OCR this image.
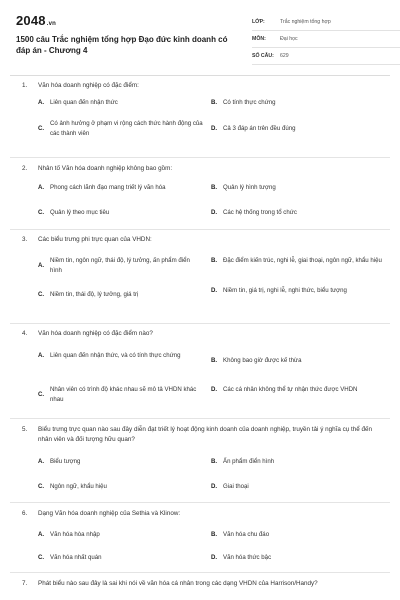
2048.vn
1500 câu Trắc nghiệm tổng hợp Đạo đức kinh doanh có đáp án - Chương 4
LỚP:	Trắc nghiệm tổng hợp
MÔN:	Đại học
SỐ CÂU:	629
1.	Văn hóa doanh nghiệp có đặc điểm:
A. Liên quan đến nhận thức	B. Có tính thực chứng
C.
Có ảnh hưởng ở phạm vi rộng cách thức hành động của các thành viên
D. Cả 3 đáp án trên đều đúng
2.	Nhân tố Văn hóa doanh nghiệp không bao gồm:
A. Phong cách lãnh đạo mang triết lý văn hóa	B. Quản lý hình tượng
C. Quản lý theo mục tiêu	D. Các hệ thống trong tổ chức
3.	Các biểu trưng phi trực quan của VHDN:
A.
Niềm tin, ngôn ngữ, thái độ, lý tưởng, ấn phẩm điển hình
B. Đặc điểm kiến trúc, nghi lễ, giai thoại, ngôn ngữ, khẩu hiệu
C. Niềm tin, thái độ, lý tưởng, giá trị
D. Niềm tin, giá trị, nghi lễ, nghi thức, biểu tượng
4.	Văn hóa doanh nghiệp có đặc điểm nào?
A. Liên quan đến nhận thức, và có tính thực chứng
B. Không bao giờ được kế thừa
C.
Nhân viên có trình độ khác nhau sẽ mô tả VHDN khác nhau
D. Các cá nhân không thể tự nhận thức được VHDN
5.	Biểu trưng trực quan nào sau đây diễn đạt triết lý hoạt động kinh doanh của doanh nghiệp, truyền tải ý nghĩa cụ thể đến nhân viên và đối tượng hữu quan?
A. Biểu tượng	B. Ấn phẩm điển hình
C. Ngôn ngữ, khẩu hiệu	D. Giai thoại
6.	Dạng Văn hóa doanh nghiệp của Sethia và Klinow:
A. Văn hóa hòa nhập	B. Văn hóa chu đáo
C. Văn hóa nhất quán	D. Văn hóa thức bậc
7.	Phát biểu nào sau đây là sai khi nói về văn hóa cá nhân trong các dạng VHDN của Harrison/Handy?
